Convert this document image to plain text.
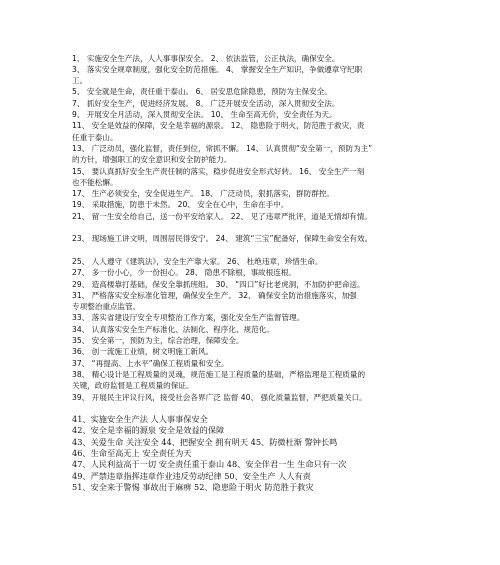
1、 实施安全生产法，人人事事保安全。 2、 依法监管，公正执法，确保安全。
3、 落实安全规章制度，强化安全防范措施。 4、 掌握安全生产知识，争做遵章守纪职
工。
5、 安全就是生命，责任重于泰山。 6、 居安思危除隐患，预防为主保安全。
7、 抓好安全生产，促进经济发展。 8、 广泛开展安全活动，深入贯彻安全法。
9、 开展安全月活动，深入贯彻安全法。 10、 生命至高无价，安全责任为天。
11、 安全是效益的保障，安全是幸福的源泉。 12、 隐患险于明火，防范胜于救灾，责
任重于泰山。
13、 广泛动员，强化监督，责任到位，常抓不懈。 14、 认真贯彻“安全第一，预防为主”
的方针，增强职工的安全意识和安全防护能力。
15、 要认真抓好安全生产责任制的落实，稳步促进安全形式好转。 16、 安全生产一刻
也不能松懈。
17、 生产必须安全，安全促进生产。 18、 广泛动员，狠抓落实，群防群控。
19、 采取措施，防患于未然。 20、 安全在心中，生命在手中。
21、 留一生安全给自己，送一份平安给家人。 22、 见了违章严批评，道是无情却有情。
23、 现场施工讲文明，周围居民得安宁。 24、 建筑“三宝”配备好，保障生命安全有效。
25、 人人遵守《建筑法》，安全生产靠大家。 26、 杜绝违章，珍惜生命。
27、 多一份小心，少一份担心。 28、 隐患不除根，事故根连根。
29、 造高楼靠打基础，保安全靠抓班组。 30、 “四口”好比老虎洞，不加防护把命送。
31、 严格落实安全标准化管理，确保安全生产。 32、 确保安全防治措施落实，加强
专项整治重点监管。
33、 落实省建设厅安全专项整治工作方案，强化安全生产监督管理。
34、 认真落实安全生产标准化、法制化、程序化、规范化。
35、 安全第一，预防为主，综合治理，保障安全。
36、 创一流施工业绩，树文明施工新风。
37、 “再提高、上水平”确保工程质量和安全。
38、 精心设计是工程质量的灵魂，规范施工是工程质量的基础，严格监理是工程质量的
关键，政府监督是工程质量的保证。
39、 开展民主评议行风，接受社会各界广泛 监督 40、 强化质量监督，严把质量关口。
41、实施安全生产法 人人事事保安全
42、安全是幸福的源泉 安全是效益的保障
43、关爱生命 关注安全 44、把握安全 拥有明天 45、防微杜渐 警钟长鸣
46、生命至高无上 安全责任为天
47、人民利益高于一切 安全责任重于泰山 48、安全伴君一生 生命只有一次
49、严禁违章指挥违章作业违反劳动纪律 50、安全生产 人人有责
51、安全来于警惕 事故出于麻痹 52、隐患险于明火 防范胜于救灾
